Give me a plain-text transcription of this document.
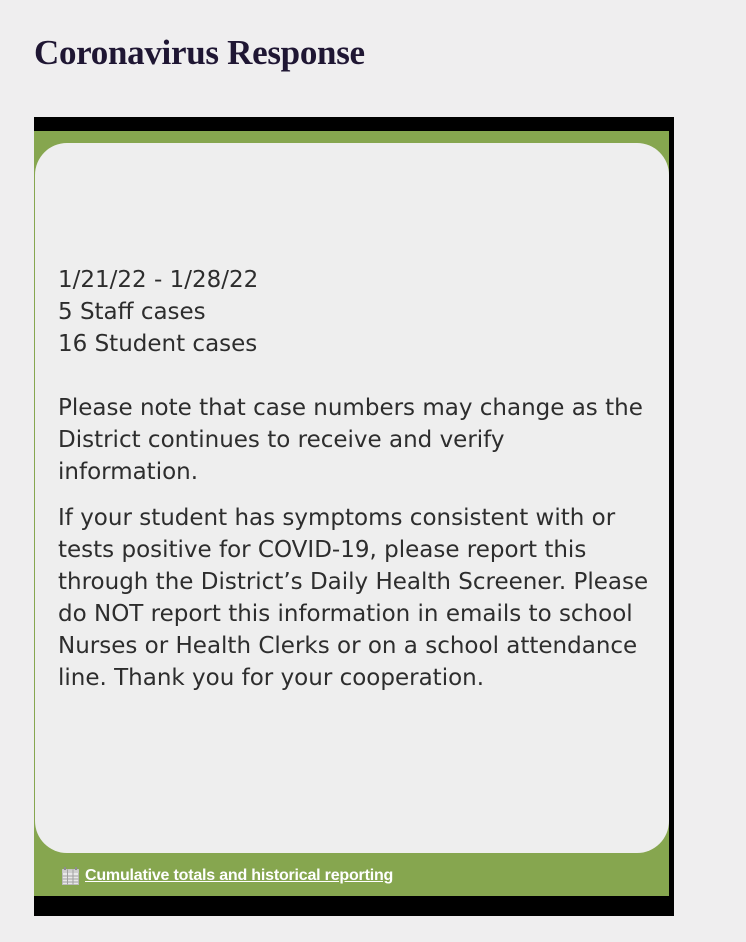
Coronavirus Response

1/21/22 - 1/28/22
5 Staff cases
16 Student cases

Please note that case numbers may change as the District continues to receive and verify information.

If your student has symptoms consistent with or tests positive for COVID-19, please report this through the District’s Daily Health Screener. Please do NOT report this information in emails to school Nurses or Health Clerks or on a school attendance line. Thank you for your cooperation.

Cumulative totals and historical reporting
